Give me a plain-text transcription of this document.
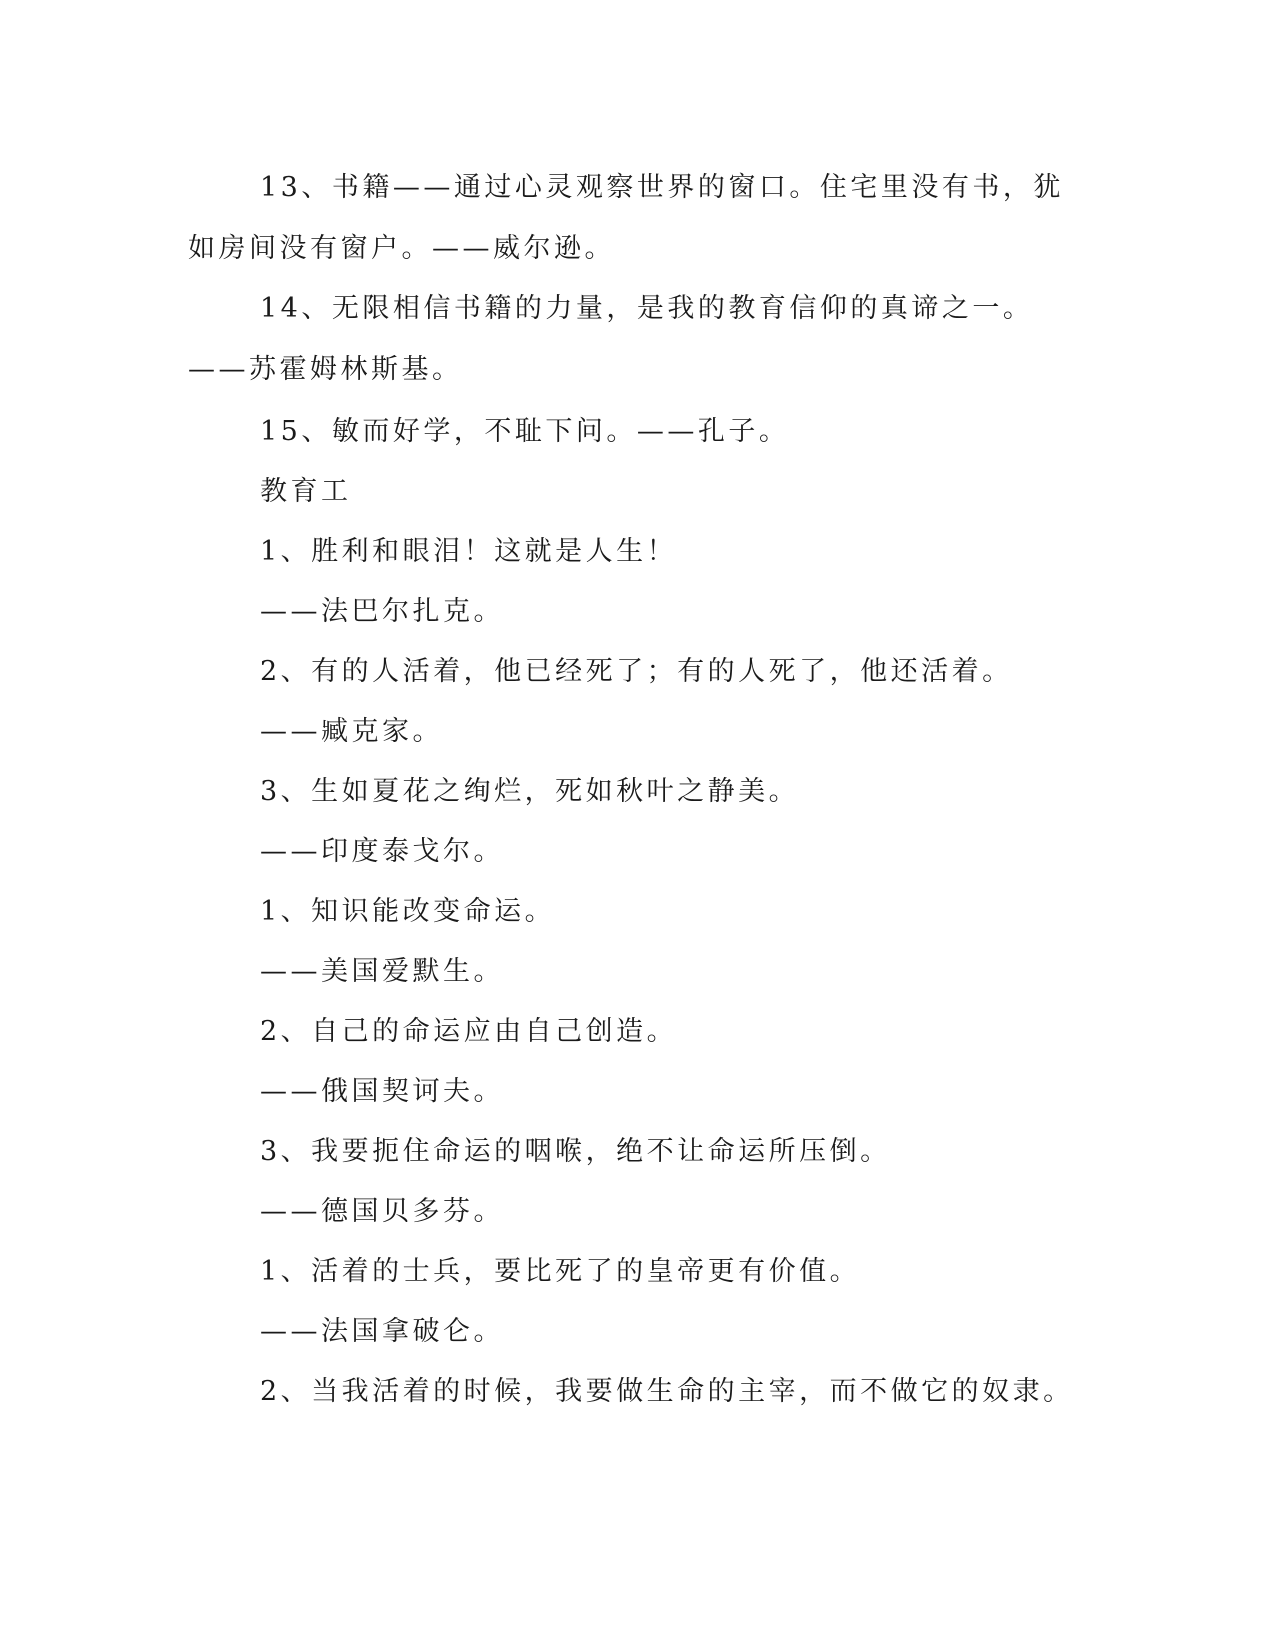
13、书籍——通过心灵观察世界的窗口。住宅里没有书，犹如房间没有窗户。——威尔逊。

14、无限相信书籍的力量，是我的教育信仰的真谛之一。——苏霍姆林斯基。

15、敏而好学，不耻下问。——孔子。

教育工

1、胜利和眼泪！这就是人生！

——法巴尔扎克。

2、有的人活着，他已经死了；有的人死了，他还活着。

——臧克家。

3、生如夏花之绚烂，死如秋叶之静美。

——印度泰戈尔。

1、知识能改变命运。

——美国爱默生。

2、自己的命运应由自己创造。

——俄国契诃夫。

3、我要扼住命运的咽喉，绝不让命运所压倒。

——德国贝多芬。

1、活着的士兵，要比死了的皇帝更有价值。

——法国拿破仑。

2、当我活着的时候，我要做生命的主宰，而不做它的奴隶。
